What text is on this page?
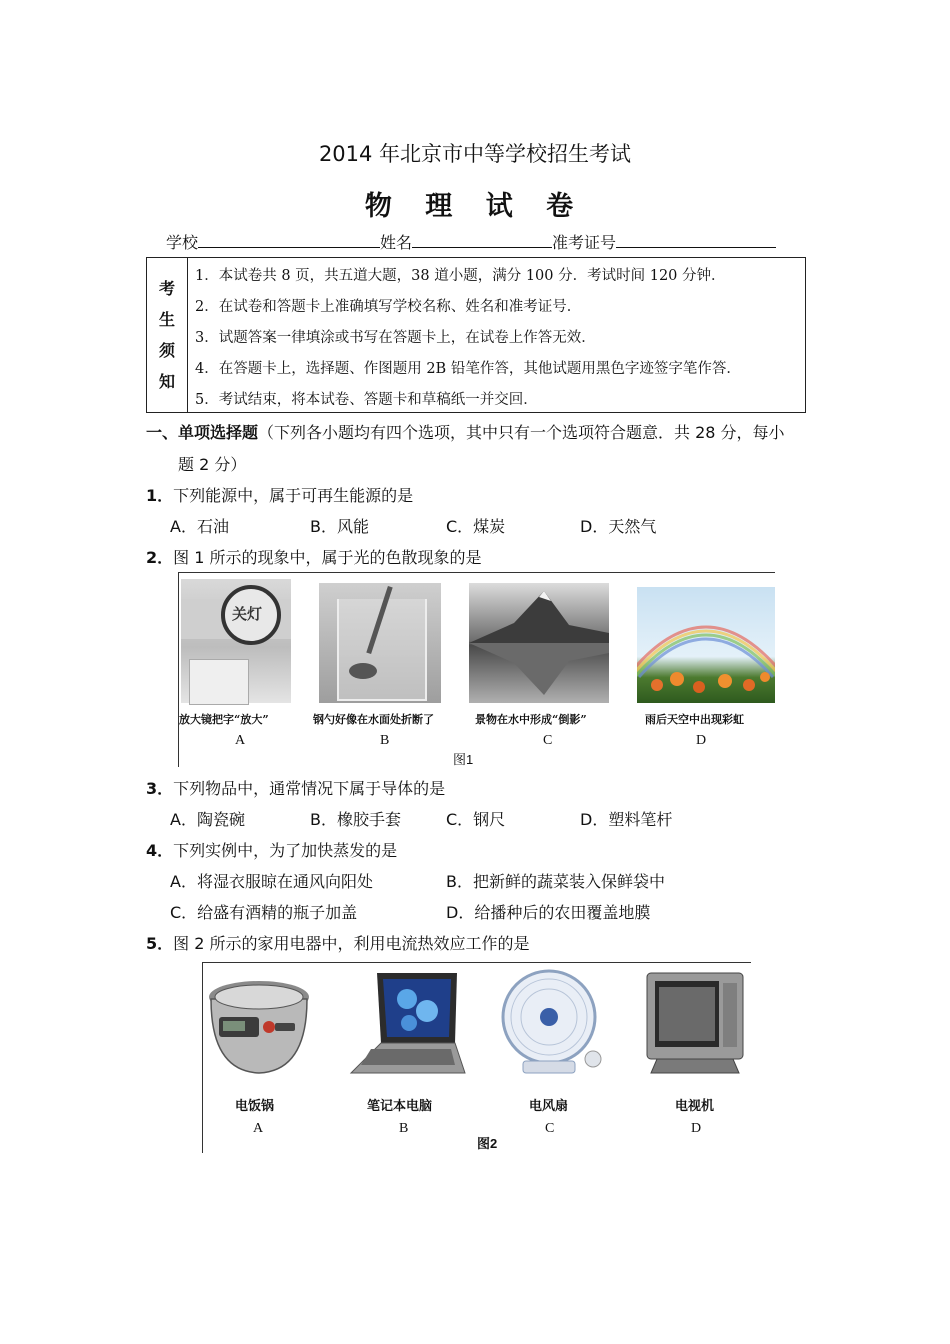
2014 年北京市中等学校招生考试
物 理 试 卷
学校	姓名	准考证号
考
生
须
知
1．本试卷共 8 页，共五道大题，38 道小题，满分 100 分．考试时间 120 分钟．
2．在试卷和答题卡上准确填写学校名称、姓名和准考证号．
3．试题答案一律填涂或书写在答题卡上，在试卷上作答无效．
4．在答题卡上，选择题、作图题用 2B 铅笔作答，其他试题用黑色字迹签字笔作答．
5．考试结束，将本试卷、答题卡和草稿纸一并交回．
一、单项选择题（下列各小题均有四个选项，其中只有一个选项符合题意．共 28 分，每小
题 2 分）
1．下列能源中，属于可再生能源的是
A．石油	B．风能	C．煤炭	D．天然气
2．图 1 所示的现象中，属于光的色散现象的是
关灯
放大镜把字“放大”	钢勺好像在水面处折断了	景物在水中形成“倒影”	雨后天空中出现彩虹
A	B	C	D
图1
3．下列物品中，通常情况下属于导体的是
A．陶瓷碗	B．橡胶手套	C．钢尺	D．塑料笔杆
4．下列实例中，为了加快蒸发的是
A．将湿衣服晾在通风向阳处	B．把新鲜的蔬菜装入保鲜袋中
C．给盛有酒精的瓶子加盖	D．给播种后的农田覆盖地膜
5．图 2 所示的家用电器中，利用电流热效应工作的是
电饭锅	笔记本电脑	电风扇	电视机
A	B	C	D
图2
